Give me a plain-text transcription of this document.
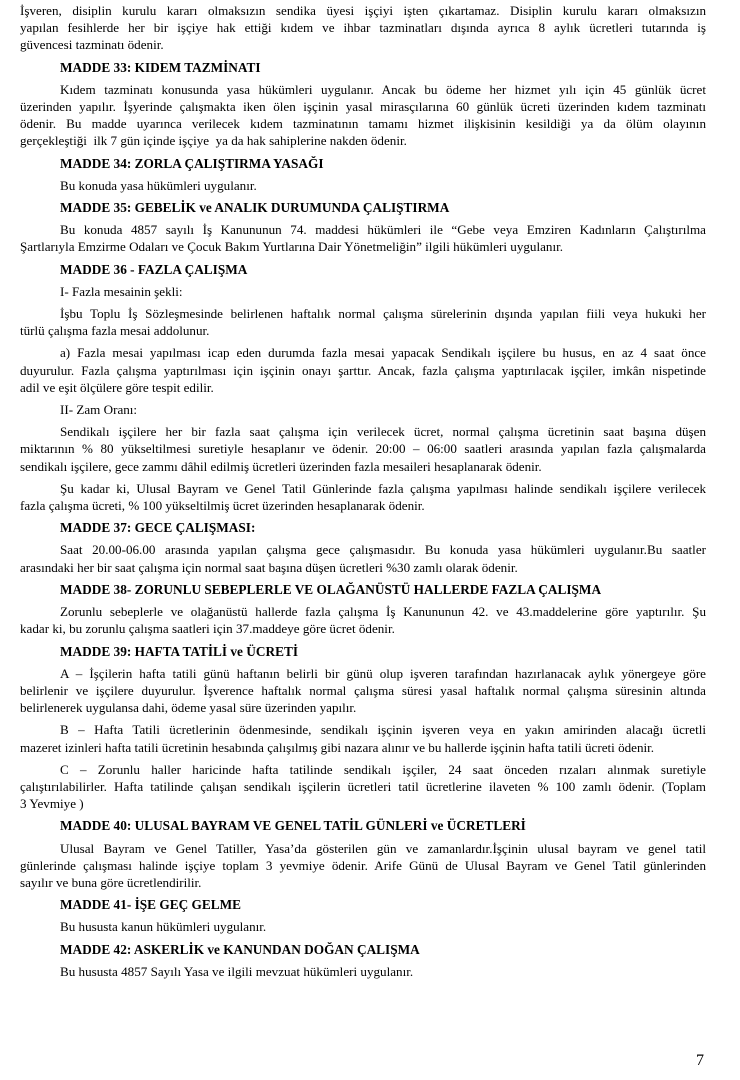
İşveren, disiplin kurulu kararı olmaksızın sendika üyesi işçiyi işten çıkartamaz. Disiplin kurulu kararı olmaksızın
yapılan fesihlerde her bir işçiye hak ettiği kıdem ve ihbar tazminatları dışında ayrıca 8 aylık ücretleri tutarında iş
güvencesi tazminatı ödenir.
MADDE 33: KIDEM TAZMİNATI
Kıdem tazminatı konusunda yasa hükümleri uygulanır. Ancak bu ödeme her hizmet yılı için 45 günlük ücret
üzerinden yapılır. İşyerinde çalışmakta iken ölen işçinin yasal mirasçılarına 60 günlük ücreti üzerinden kıdem tazminatı
ödenir. Bu madde uyarınca verilecek kıdem tazminatının tamamı hizmet ilişkisinin kesildiği ya da ölüm olayının
gerçekleştiği  ilk 7 gün içinde işçiye  ya da hak sahiplerine nakden ödenir.
MADDE 34: ZORLA ÇALIŞTIRMA YASAĞI
Bu konuda yasa hükümleri uygulanır.
MADDE 35: GEBELİK ve ANALIK DURUMUNDA ÇALIŞTIRMA
Bu konuda 4857 sayılı İş Kanununun 74. maddesi hükümleri ile “Gebe veya Emziren Kadınların Çalıştırılma
Şartlarıyla Emzirme Odaları ve Çocuk Bakım Yurtlarına Dair Yönetmeliğin” ilgili hükümleri uygulanır.
MADDE 36 - FAZLA ÇALIŞMA
I- Fazla mesainin şekli:
İşbu Toplu İş Sözleşmesinde belirlenen haftalık normal çalışma sürelerinin dışında yapılan fiili veya hukuki her
türlü çalışma fazla mesai addolunur.
a) Fazla mesai yapılması icap eden durumda fazla mesai yapacak Sendikalı işçilere bu husus, en az 4 saat önce
duyurulur. Fazla çalışma yaptırılması için işçinin onayı şarttır. Ancak, fazla çalışma yaptırılacak işçiler, imkân nispetinde
adil ve eşit ölçülere göre tespit edilir.
II- Zam Oranı:
Sendikalı işçilere her bir fazla saat çalışma için verilecek ücret, normal çalışma ücretinin saat başına düşen
miktarının % 80 yükseltilmesi suretiyle hesaplanır ve ödenir. 20:00 – 06:00 saatleri arasında yapılan fazla çalışmalarda
sendikalı işçilere, gece zammı dâhil edilmiş ücretleri üzerinden fazla mesaileri hesaplanarak ödenir.
Şu kadar ki, Ulusal Bayram ve Genel Tatil Günlerinde fazla çalışma yapılması halinde sendikalı işçilere verilecek
fazla çalışma ücreti, % 100 yükseltilmiş ücret üzerinden hesaplanarak ödenir.
MADDE 37: GECE ÇALIŞMASI:
Saat 20.00-06.00 arasında yapılan çalışma gece çalışmasıdır. Bu konuda yasa hükümleri uygulanır.Bu saatler
arasındaki her bir saat çalışma için normal saat başına düşen ücretleri %30 zamlı olarak ödenir.
MADDE 38- ZORUNLU SEBEPLERLE VE OLAĞANÜSTÜ HALLERDE FAZLA ÇALIŞMA
Zorunlu sebeplerle ve olağanüstü hallerde fazla çalışma İş Kanununun 42. ve 43.maddelerine göre yaptırılır. Şu
kadar ki, bu zorunlu çalışma saatleri için 37.maddeye göre ücret ödenir.
MADDE 39: HAFTA TATİLİ ve ÜCRETİ
A – İşçilerin hafta tatili günü haftanın belirli bir günü olup işveren tarafından hazırlanacak aylık yönergeye göre
belirlenir ve işçilere duyurulur. İşverence haftalık normal çalışma süresi yasal haftalık normal çalışma süresinin altında
belirlenerek uygulansa dahi, ödeme yasal süre üzerinden yapılır.
B – Hafta Tatili ücretlerinin ödenmesinde, sendikalı işçinin işveren veya en yakın amirinden alacağı ücretli
mazeret izinleri hafta tatili ücretinin hesabında çalışılmış gibi nazara alınır ve bu hallerde işçinin hafta tatili ücreti ödenir.
C – Zorunlu haller haricinde hafta tatilinde sendikalı işçiler, 24 saat önceden rızaları alınmak suretiyle
çalıştırılabilirler. Hafta tatilinde çalışan sendikalı işçilerin ücretleri tatil ücretlerine ilaveten % 100 zamlı ödenir. (Toplam
3 Yevmiye )
MADDE 40: ULUSAL BAYRAM VE GENEL TATİL GÜNLERİ ve ÜCRETLERİ
Ulusal Bayram ve Genel Tatiller, Yasa’da gösterilen gün ve zamanlardır.İşçinin ulusal bayram ve genel tatil
günlerinde çalışması halinde işçiye toplam 3 yevmiye ödenir. Arife Günü de Ulusal Bayram ve Genel Tatil günlerinden
sayılır ve buna göre ücretlendirilir.
MADDE 41- İŞE GEÇ GELME
Bu hususta kanun hükümleri uygulanır.
MADDE 42: ASKERLİK ve KANUNDAN DOĞAN ÇALIŞMA
Bu hususta 4857 Sayılı Yasa ve ilgili mevzuat hükümleri uygulanır.
7
